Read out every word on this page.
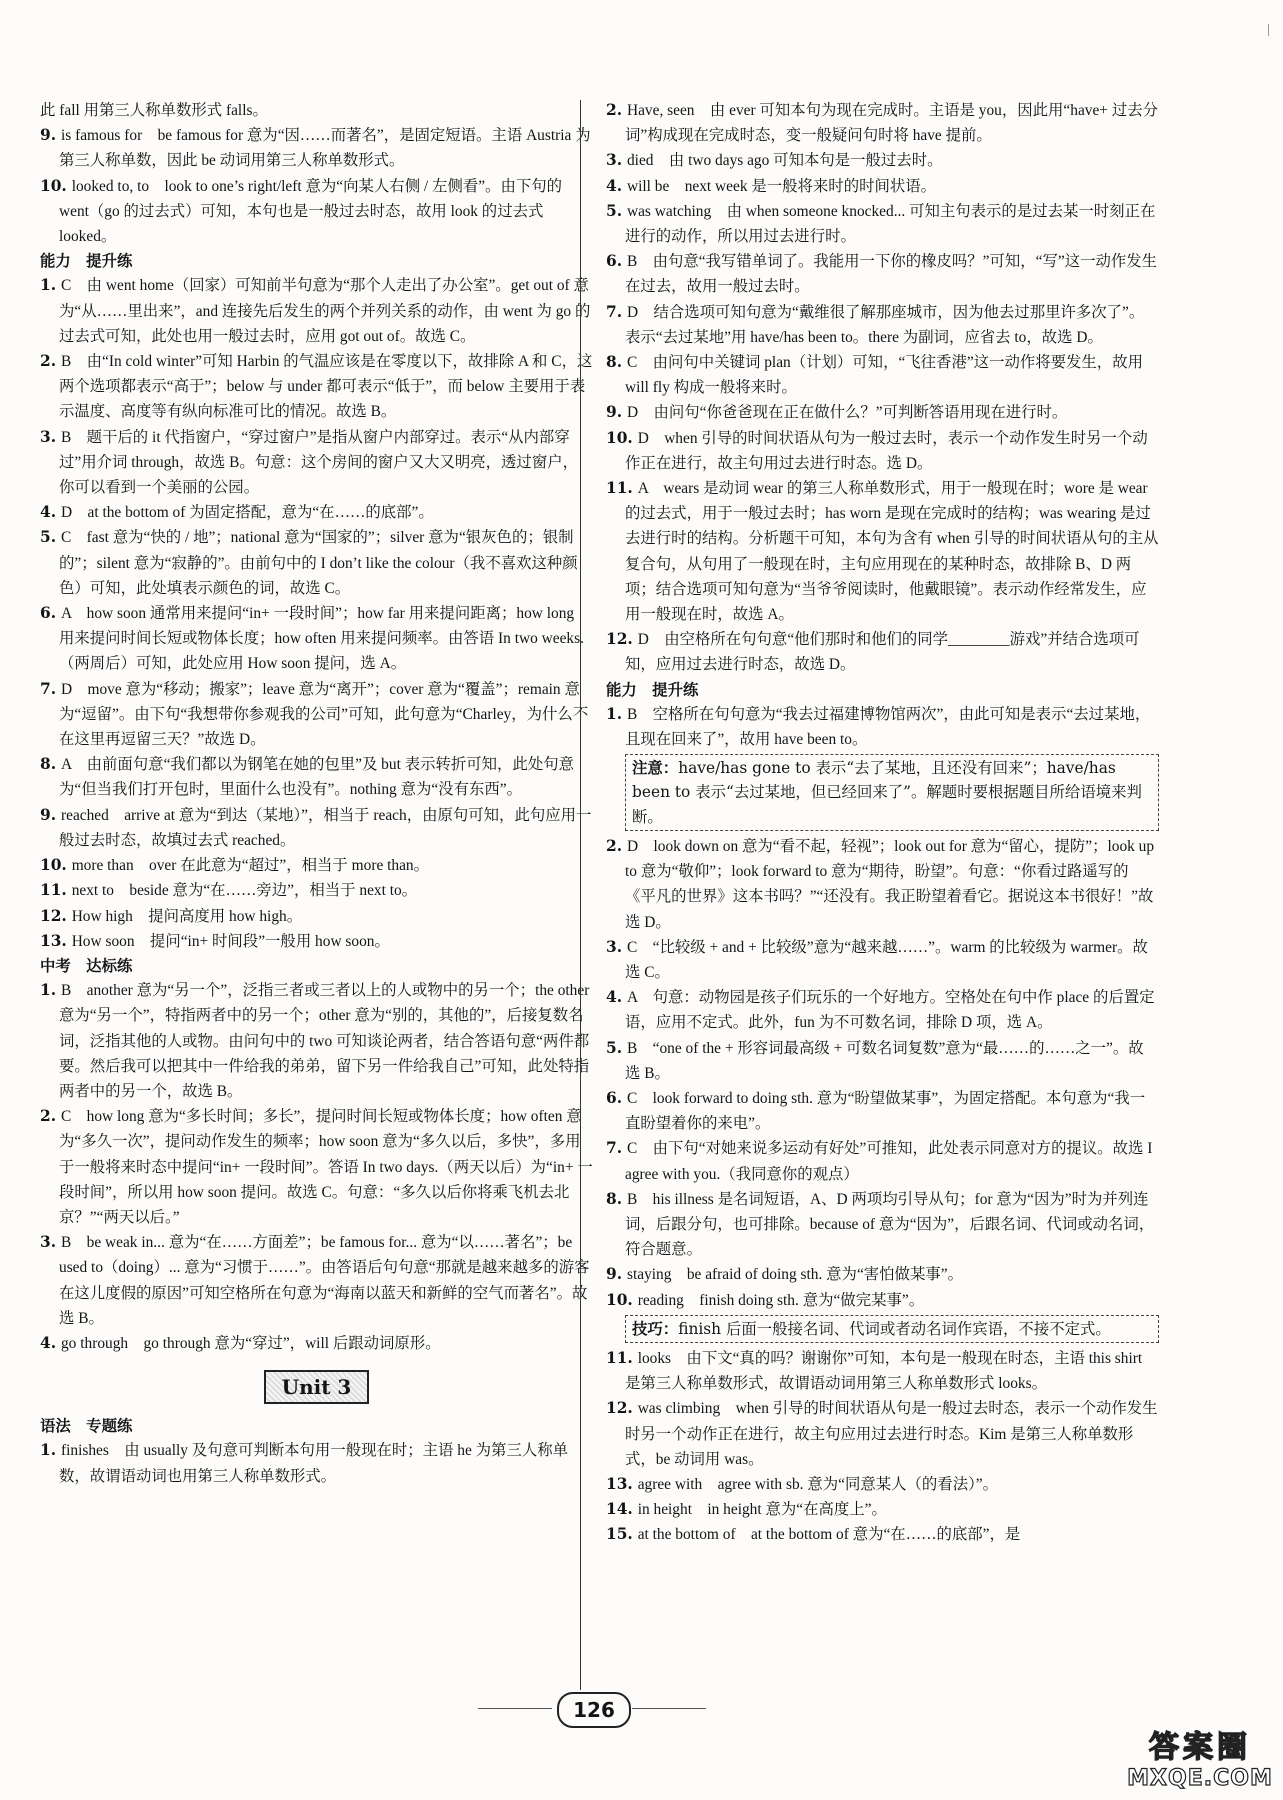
此 fall 用第三人称单数形式 falls。

9. is famous for　be famous for 意为“因……而著名”，是固定短语。主语 Austria 为第三人称单数，因此 be 动词用第三人称单数形式。

10. looked to, to　look to one’s right/left 意为“向某人右侧 / 左侧看”。由下句的 went（go 的过去式）可知，本句也是一般过去时态，故用 look 的过去式 looked。

能力　提升练

1. C　由 went home（回家）可知前半句意为“那个人走出了办公室”。get out of 意为“从……里出来”，and 连接先后发生的两个并列关系的动作，由 went 为 go 的过去式可知，此处也用一般过去时，应用 got out of。故选 C。

2. B　由“In cold winter”可知 Harbin 的气温应该是在零度以下，故排除 A 和 C，这两个选项都表示“高于”；below 与 under 都可表示“低于”，而 below 主要用于表示温度、高度等有纵向标准可比的情况。故选 B。

3. B　题干后的 it 代指窗户，“穿过窗户”是指从窗户内部穿过。表示“从内部穿过”用介词 through，故选 B。句意：这个房间的窗户又大又明亮，透过窗户，你可以看到一个美丽的公园。

4. D　at the bottom of 为固定搭配，意为“在……的底部”。

5. C　fast 意为“快的 / 地”；national 意为“国家的”；silver 意为“银灰色的；银制的”；silent 意为“寂静的”。由前句中的 I don’t like the colour（我不喜欢这种颜色）可知，此处填表示颜色的词，故选 C。

6. A　how soon 通常用来提问“in+ 一段时间”；how far 用来提问距离；how long 用来提问时间长短或物体长度；how often 用来提问频率。由答语 In two weeks.（两周后）可知，此处应用 How soon 提问，选 A。

7. D　move 意为“移动；搬家”；leave 意为“离开”；cover 意为“覆盖”；remain 意为“逗留”。由下句“我想带你参观我的公司”可知，此句意为“Charley，为什么不在这里再逗留三天？”故选 D。

8. A　由前面句意“我们都以为钢笔在她的包里”及 but 表示转折可知，此处句意为“但当我们打开包时，里面什么也没有”。nothing 意为“没有东西”。

9. reached　arrive at 意为“到达（某地）”，相当于 reach，由原句可知，此句应用一般过去时态，故填过去式 reached。

10. more than　over 在此意为“超过”，相当于 more than。

11. next to　beside 意为“在……旁边”，相当于 next to。

12. How high　提问高度用 how high。

13. How soon　提问“in+ 时间段”一般用 how soon。

中考　达标练

1. B　another 意为“另一个”，泛指三者或三者以上的人或物中的另一个；the other 意为“另一个”，特指两者中的另一个；other 意为“别的，其他的”，后接复数名词，泛指其他的人或物。由问句中的 two 可知谈论两者，结合答语句意“两件都要。然后我可以把其中一件给我的弟弟，留下另一件给我自己”可知，此处特指两者中的另一个，故选 B。

2. C　how long 意为“多长时间；多长”，提问时间长短或物体长度；how often 意为“多久一次”，提问动作发生的频率；how soon 意为“多久以后，多快”，多用于一般将来时态中提问“in+ 一段时间”。答语 In two days.（两天以后）为“in+ 一段时间”，所以用 how soon 提问。故选 C。句意：“多久以后你将乘飞机去北京？”“两天以后。”

3. B　be weak in... 意为“在……方面差”；be famous for... 意为“以……著名”；be used to（doing）... 意为“习惯于……”。由答语后句句意“那就是越来越多的游客在这儿度假的原因”可知空格所在句意为“海南以蓝天和新鲜的空气而著名”。故选 B。

4. go through　go through 意为“穿过”，will 后跟动词原形。

Unit 3

语法　专题练

1. finishes　由 usually 及句意可判断本句用一般现在时；主语 he 为第三人称单数，故谓语动词也用第三人称单数形式。

2. Have, seen　由 ever 可知本句为现在完成时。主语是 you，因此用“have+ 过去分词”构成现在完成时态，变一般疑问句时将 have 提前。

3. died　由 two days ago 可知本句是一般过去时。

4. will be　next week 是一般将来时的时间状语。

5. was watching　由 when someone knocked... 可知主句表示的是过去某一时刻正在进行的动作，所以用过去进行时。

6. B　由句意“我写错单词了。我能用一下你的橡皮吗？”可知，“写”这一动作发生在过去，故用一般过去时。

7. D　结合选项可知句意为“戴维很了解那座城市，因为他去过那里许多次了”。表示“去过某地”用 have/has been to。there 为副词，应省去 to，故选 D。

8. C　由问句中关键词 plan（计划）可知，“飞往香港”这一动作将要发生，故用 will fly 构成一般将来时。

9. D　由问句“你爸爸现在正在做什么？”可判断答语用现在进行时。

10. D　when 引导的时间状语从句为一般过去时，表示一个动作发生时另一个动作正在进行，故主句用过去进行时态。选 D。

11. A　wears 是动词 wear 的第三人称单数形式，用于一般现在时；wore 是 wear 的过去式，用于一般过去时；has worn 是现在完成时的结构；was wearing 是过去进行时的结构。分析题干可知，本句为含有 when 引导的时间状语从句的主从复合句，从句用了一般现在时，主句应用现在的某种时态，故排除 B、D 两项；结合选项可知句意为“当爷爷阅读时，他戴眼镜”。表示动作经常发生，应用一般现在时，故选 A。

12. D　由空格所在句句意“他们那时和他们的同学________游戏”并结合选项可知，应用过去进行时态，故选 D。

能力　提升练

1. B　空格所在句句意为“我去过福建博物馆两次”，由此可知是表示“去过某地，且现在回来了”，故用 have been to。

注意：have/has gone to 表示“去了某地，且还没有回来”；have/has been to 表示“去过某地，但已经回来了”。解题时要根据题目所给语境来判断。

2. D　look down on 意为“看不起，轻视”；look out for 意为“留心，提防”；look up to 意为“敬仰”；look forward to 意为“期待，盼望”。句意：“你看过路遥写的《平凡的世界》这本书吗？”“还没有。我正盼望着看它。据说这本书很好！”故选 D。

3. C　“比较级 + and + 比较级”意为“越来越……”。warm 的比较级为 warmer。故选 C。

4. A　句意：动物园是孩子们玩乐的一个好地方。空格处在句中作 place 的后置定语，应用不定式。此外，fun 为不可数名词，排除 D 项，选 A。

5. B　“one of the + 形容词最高级 + 可数名词复数”意为“最……的……之一”。故选 B。

6. C　look forward to doing sth. 意为“盼望做某事”，为固定搭配。本句意为“我一直盼望着你的来电”。

7. C　由下句“对她来说多运动有好处”可推知，此处表示同意对方的提议。故选 I agree with you.（我同意你的观点）

8. B　his illness 是名词短语，A、D 两项均引导从句；for 意为“因为”时为并列连词，后跟分句，也可排除。because of 意为“因为”，后跟名词、代词或动名词，符合题意。

9. staying　be afraid of doing sth. 意为“害怕做某事”。

10. reading　finish doing sth. 意为“做完某事”。

技巧：finish 后面一般接名词、代词或者动名词作宾语，不接不定式。

11. looks　由下文“真的吗？谢谢你”可知，本句是一般现在时态，主语 this shirt 是第三人称单数形式，故谓语动词用第三人称单数形式 looks。

12. was climbing　when 引导的时间状语从句是一般过去时态，表示一个动作发生时另一个动作正在进行，故主句应用过去进行时态。Kim 是第三人称单数形式，be 动词用 was。

13. agree with　agree with sb. 意为“同意某人（的看法）”。

14. in height　in height 意为“在高度上”。

15. at the bottom of　at the bottom of 意为“在……的底部”，是

126
答案圈
MXQE.COM
